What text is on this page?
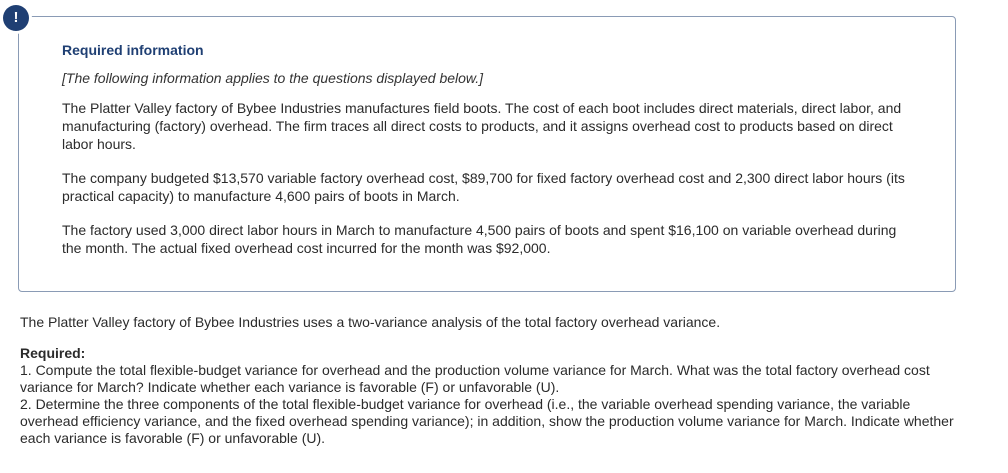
!

Required information

[The following information applies to the questions displayed below.]

The Platter Valley factory of Bybee Industries manufactures field boots. The cost of each boot includes direct materials, direct labor, and manufacturing (factory) overhead. The firm traces all direct costs to products, and it assigns overhead cost to products based on direct labor hours.

The company budgeted $13,570 variable factory overhead cost, $89,700 for fixed factory overhead cost and 2,300 direct labor hours (its practical capacity) to manufacture 4,600 pairs of boots in March.

The factory used 3,000 direct labor hours in March to manufacture 4,500 pairs of boots and spent $16,100 on variable overhead during the month. The actual fixed overhead cost incurred for the month was $92,000.

The Platter Valley factory of Bybee Industries uses a two-variance analysis of the total factory overhead variance.

Required:

1. Compute the total flexible-budget variance for overhead and the production volume variance for March. What was the total factory overhead cost variance for March? Indicate whether each variance is favorable (F) or unfavorable (U).

2. Determine the three components of the total flexible-budget variance for overhead (i.e., the variable overhead spending variance, the variable overhead efficiency variance, and the fixed overhead spending variance); in addition, show the production volume variance for March. Indicate whether each variance is favorable (F) or unfavorable (U).
